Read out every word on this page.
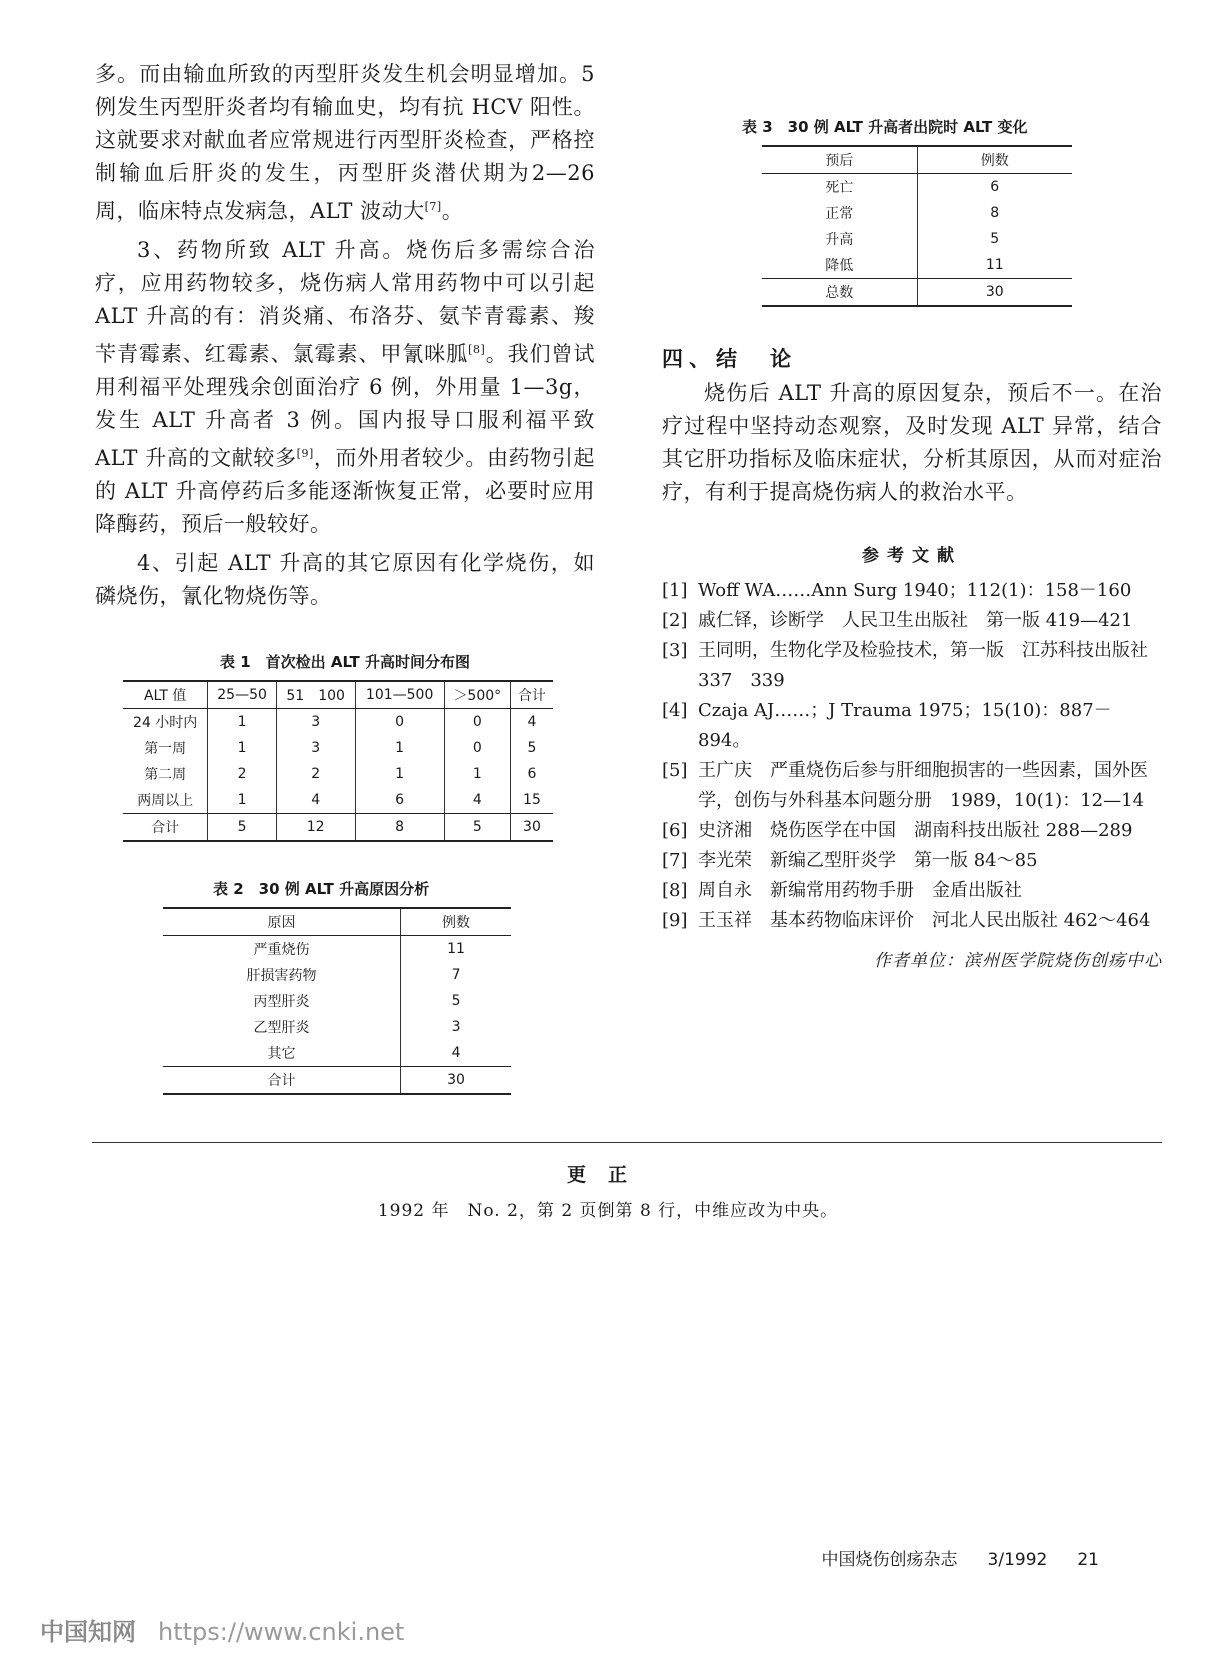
多。而由输血所致的丙型肝炎发生机会明显增加。5例发生丙型肝炎者均有输血史，均有抗 HCV 阳性。这就要求对献血者应常规进行丙型肝炎检查，严格控制输血后肝炎的发生，丙型肝炎潜伏期为2—26 周，临床特点发病急，ALT 波动大[7]。

3、药物所致 ALT 升高。烧伤后多需综合治疗，应用药物较多，烧伤病人常用药物中可以引起 ALT 升高的有：消炎痛、布洛芬、氨苄青霉素、羧苄青霉素、红霉素、氯霉素、甲氰咪胍[8]。我们曾试用利福平处理残余创面治疗 6 例，外用量 1—3g，发生 ALT 升高者 3 例。国内报导口服利福平致 ALT 升高的文献较多[9]，而外用者较少。由药物引起的 ALT 升高停药后多能逐渐恢复正常，必要时应用降酶药，预后一般较好。

4、引起 ALT 升高的其它原因有化学烧伤，如磷烧伤，氰化物烧伤等。

表 1　首次检出 ALT 升高时间分布图
ALT 值	25—50	51　100	101—500	＞500°	合计
24 小时内	1	3	0	0	4
第一周	1	3	1	0	5
第二周	2	2	1	1	6
两周以上	1	4	6	4	15
合计	5	12	8	5	30
表 2　30 例 ALT 升高原因分析
原因	例数
严重烧伤	11
肝损害药物	7
丙型肝炎	5
乙型肝炎	3
其它	4
合计	30
表 3　30 例 ALT 升高者出院时 ALT 变化
预后	例数
死亡	6
正常	8
升高	5
降低	11
总数	30
四、结　论

烧伤后 ALT 升高的原因复杂，预后不一。在治疗过程中坚持动态观察，及时发现 ALT 异常，结合其它肝功指标及临床症状，分析其原因，从而对症治疗，有利于提高烧伤病人的救治水平。

参考文献
[1] Woff WA……Ann Surg 1940；112(1)：158－160
[2] 戚仁铎，诊断学　人民卫生出版社　第一版 419—421
[3] 王同明，生物化学及检验技术，第一版　江苏科技出版社 337　339
[4] Czaja AJ……；J Trauma 1975；15(10)：887－894。
[5] 王广庆　严重烧伤后参与肝细胞损害的一些因素，国外医学，创伤与外科基本问题分册　1989，10(1)：12—14
[6] 史济湘　烧伤医学在中国　湖南科技出版社 288—289
[7] 李光荣　新编乙型肝炎学　第一版 84～85
[8] 周自永　新编常用药物手册　金盾出版社
[9] 王玉祥　基本药物临床评价　河北人民出版社 462～464
作者单位：滨州医学院烧伤创疡中心
更正
1992 年　No. 2，第 2 页倒第 8 行，中维应改为中央。
中国烧伤创疡杂志 3/1992 21
中国知网 https://www.cnki.net
